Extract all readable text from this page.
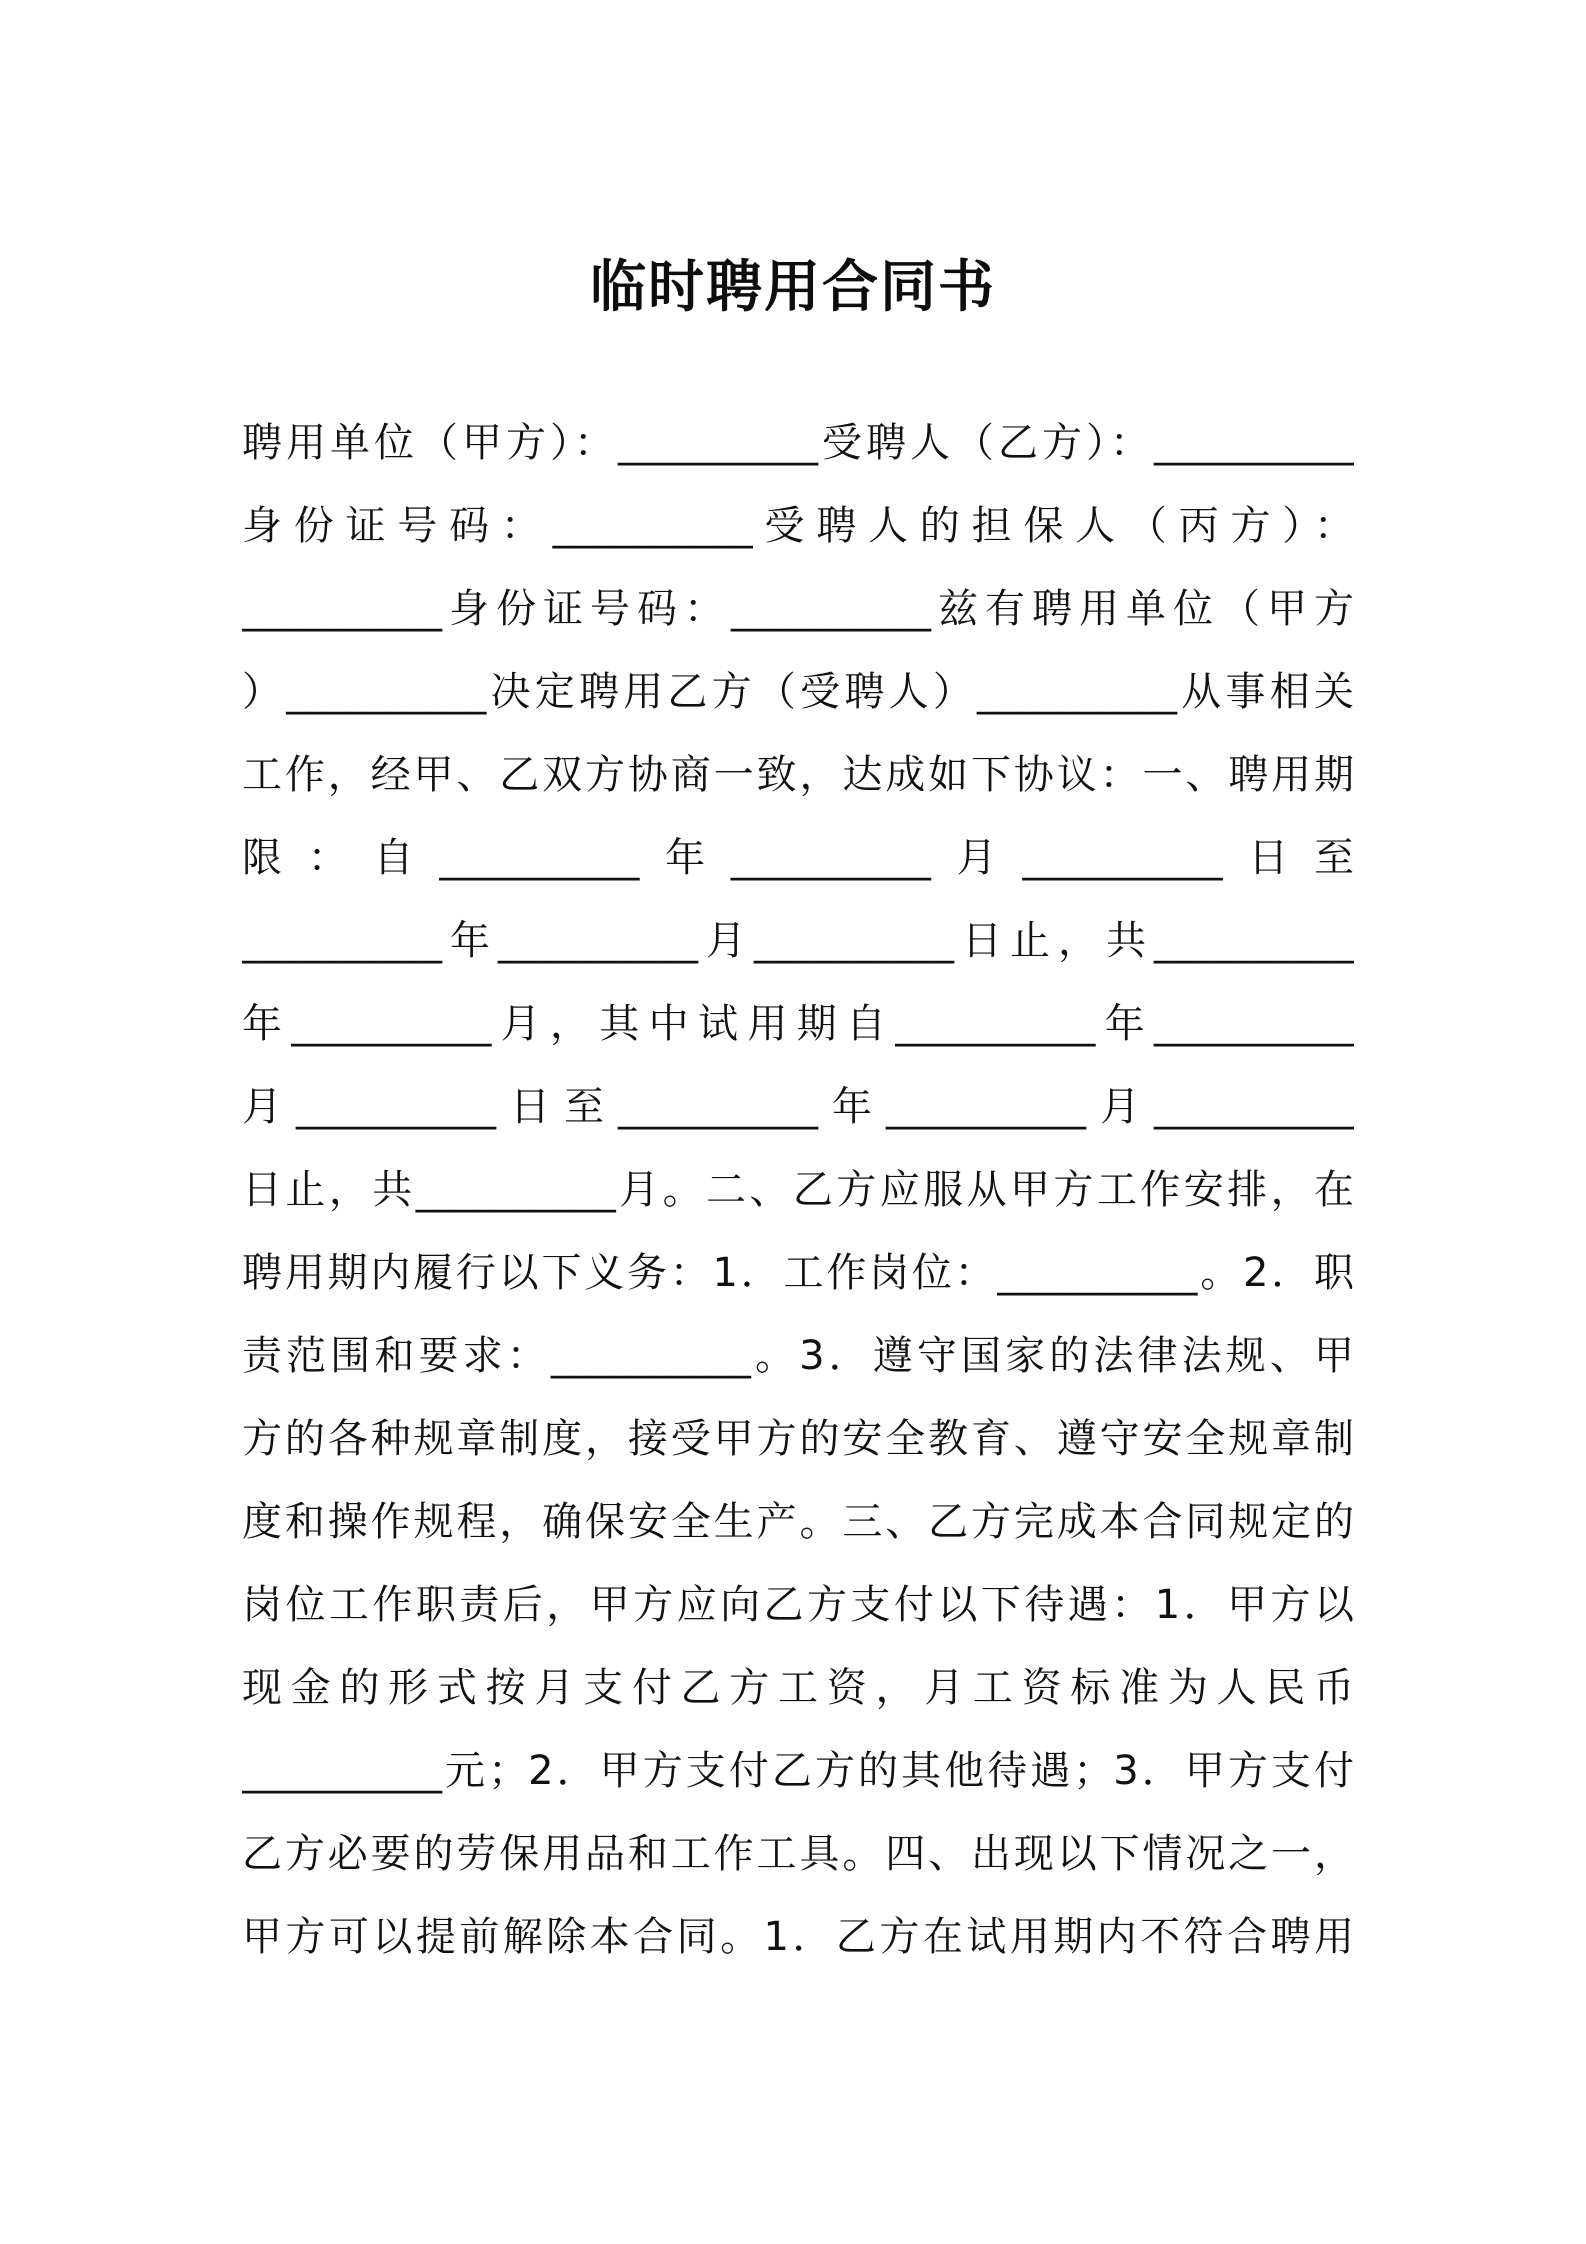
临时聘用合同书
聘用单位（甲方）：__________受聘人（乙方）：__________
身份证号码：__________受聘人的担保人（丙方）：
__________身份证号码：__________兹有聘用单位（甲方
）__________决定聘用乙方（受聘人）__________从事相关
工作，经甲、乙双方协商一致，达成如下协议：一、聘用期
限：自__________年__________月__________日至
__________年__________月__________日止，共__________
年__________月，其中试用期自__________年__________
月__________日至__________年__________月__________
日止，共__________月。二、乙方应服从甲方工作安排，在
聘用期内履行以下义务：1．工作岗位：__________。2．职
责范围和要求：__________。3．遵守国家的法律法规、甲
方的各种规章制度，接受甲方的安全教育、遵守安全规章制
度和操作规程，确保安全生产。三、乙方完成本合同规定的
岗位工作职责后，甲方应向乙方支付以下待遇：1．甲方以
现金的形式按月支付乙方工资，月工资标准为人民币
__________元；2．甲方支付乙方的其他待遇；3．甲方支付
乙方必要的劳保用品和工作工具。四、出现以下情况之一，
甲方可以提前解除本合同。1．乙方在试用期内不符合聘用
